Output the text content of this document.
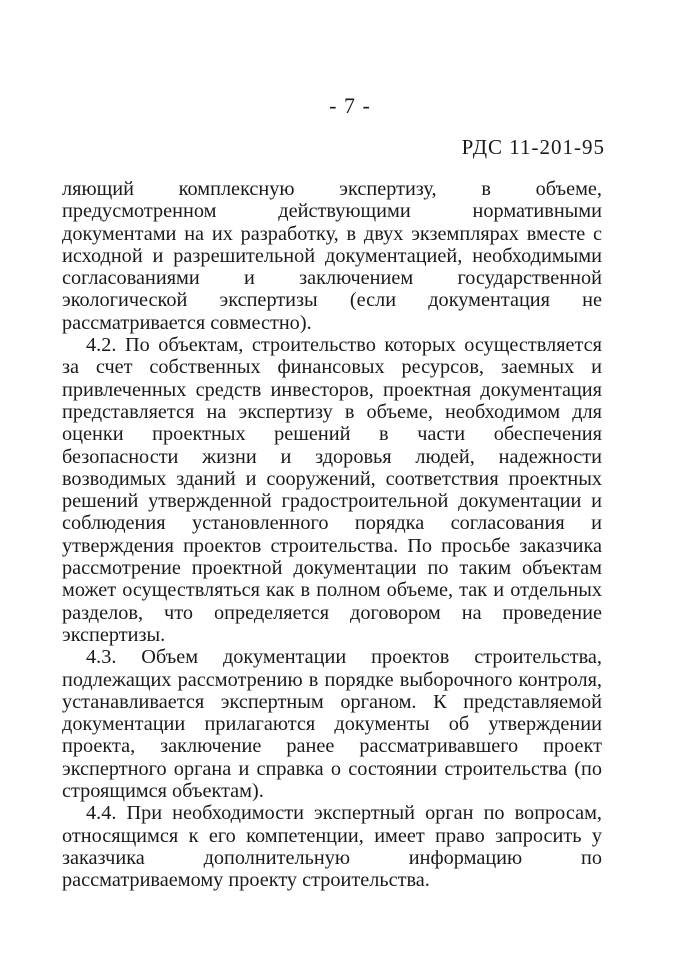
- 7 -
РДС 11-201-95

ляющий комплексную экспертизу, в объеме, предусмотренном действующими нормативными документами на их разработку, в двух экземплярах вместе с исходной и разрешительной документацией, необходимыми согласованиями и заключением государственной экологической экспертизы (если документация не рассматривается совместно).

4.2. По объектам, строительство которых осуществляется за счет собственных финансовых ресурсов, заемных и привлеченных средств инвесторов, проектная документация представляется на экспертизу в объеме, необходимом для оценки проектных решений в части обеспечения безопасности жизни и здоровья людей, надежности возводимых зданий и сооружений, соответствия проектных решений утвержденной градостроительной документации и соблюдения установленного порядка согласования и утверждения проектов строительства. По просьбе заказчика рассмотрение проектной документации по таким объектам может осуществляться как в полном объеме, так и отдельных разделов, что определяется договором на проведение экспертизы.

4.3. Объем документации проектов строительства, подлежащих рассмотрению в порядке выборочного контроля, устанавливается экспертным органом. К представляемой документации прилагаются документы об утверждении проекта, заключение ранее рассматривавшего проект экспертного органа и справка о состоянии строительства (по строящимся объектам).

4.4. При необходимости экспертный орган по вопросам, относящимся к его компетенции, имеет право запросить у заказчика дополнительную информацию по рассматриваемому проекту строительства.
